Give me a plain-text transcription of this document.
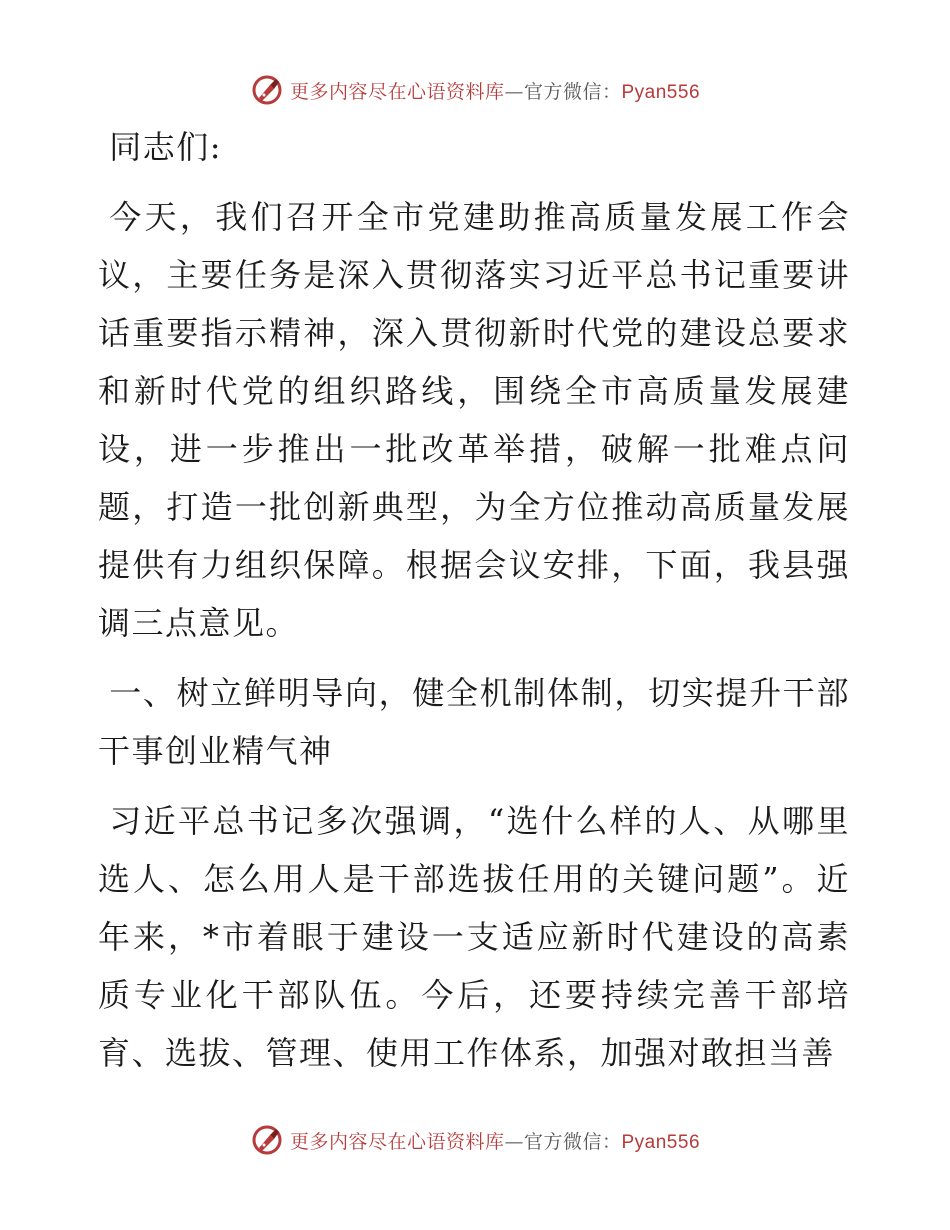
更多内容尽在心语资料库—官方微信：Pyan556

同志们:

今天，我们召开全市党建助推高质量发展工作会议，主要任务是深入贯彻落实习近平总书记重要讲话重要指示精神，深入贯彻新时代党的建设总要求和新时代党的组织路线，围绕全市高质量发展建设，进一步推出一批改革举措，破解一批难点问题，打造一批创新典型，为全方位推动高质量发展提供有力组织保障。根据会议安排，下面，我县强调三点意见。

一、树立鲜明导向，健全机制体制，切实提升干部干事创业精气神

习近平总书记多次强调，“选什么样的人、从哪里选人、怎么用人是干部选拔任用的关键问题”。近年来，*市着眼于建设一支适应新时代建设的高素质专业化干部队伍。今后，还要持续完善干部培育、选拔、管理、使用工作体系，加强对敢担当善

更多内容尽在心语资料库—官方微信：Pyan556
